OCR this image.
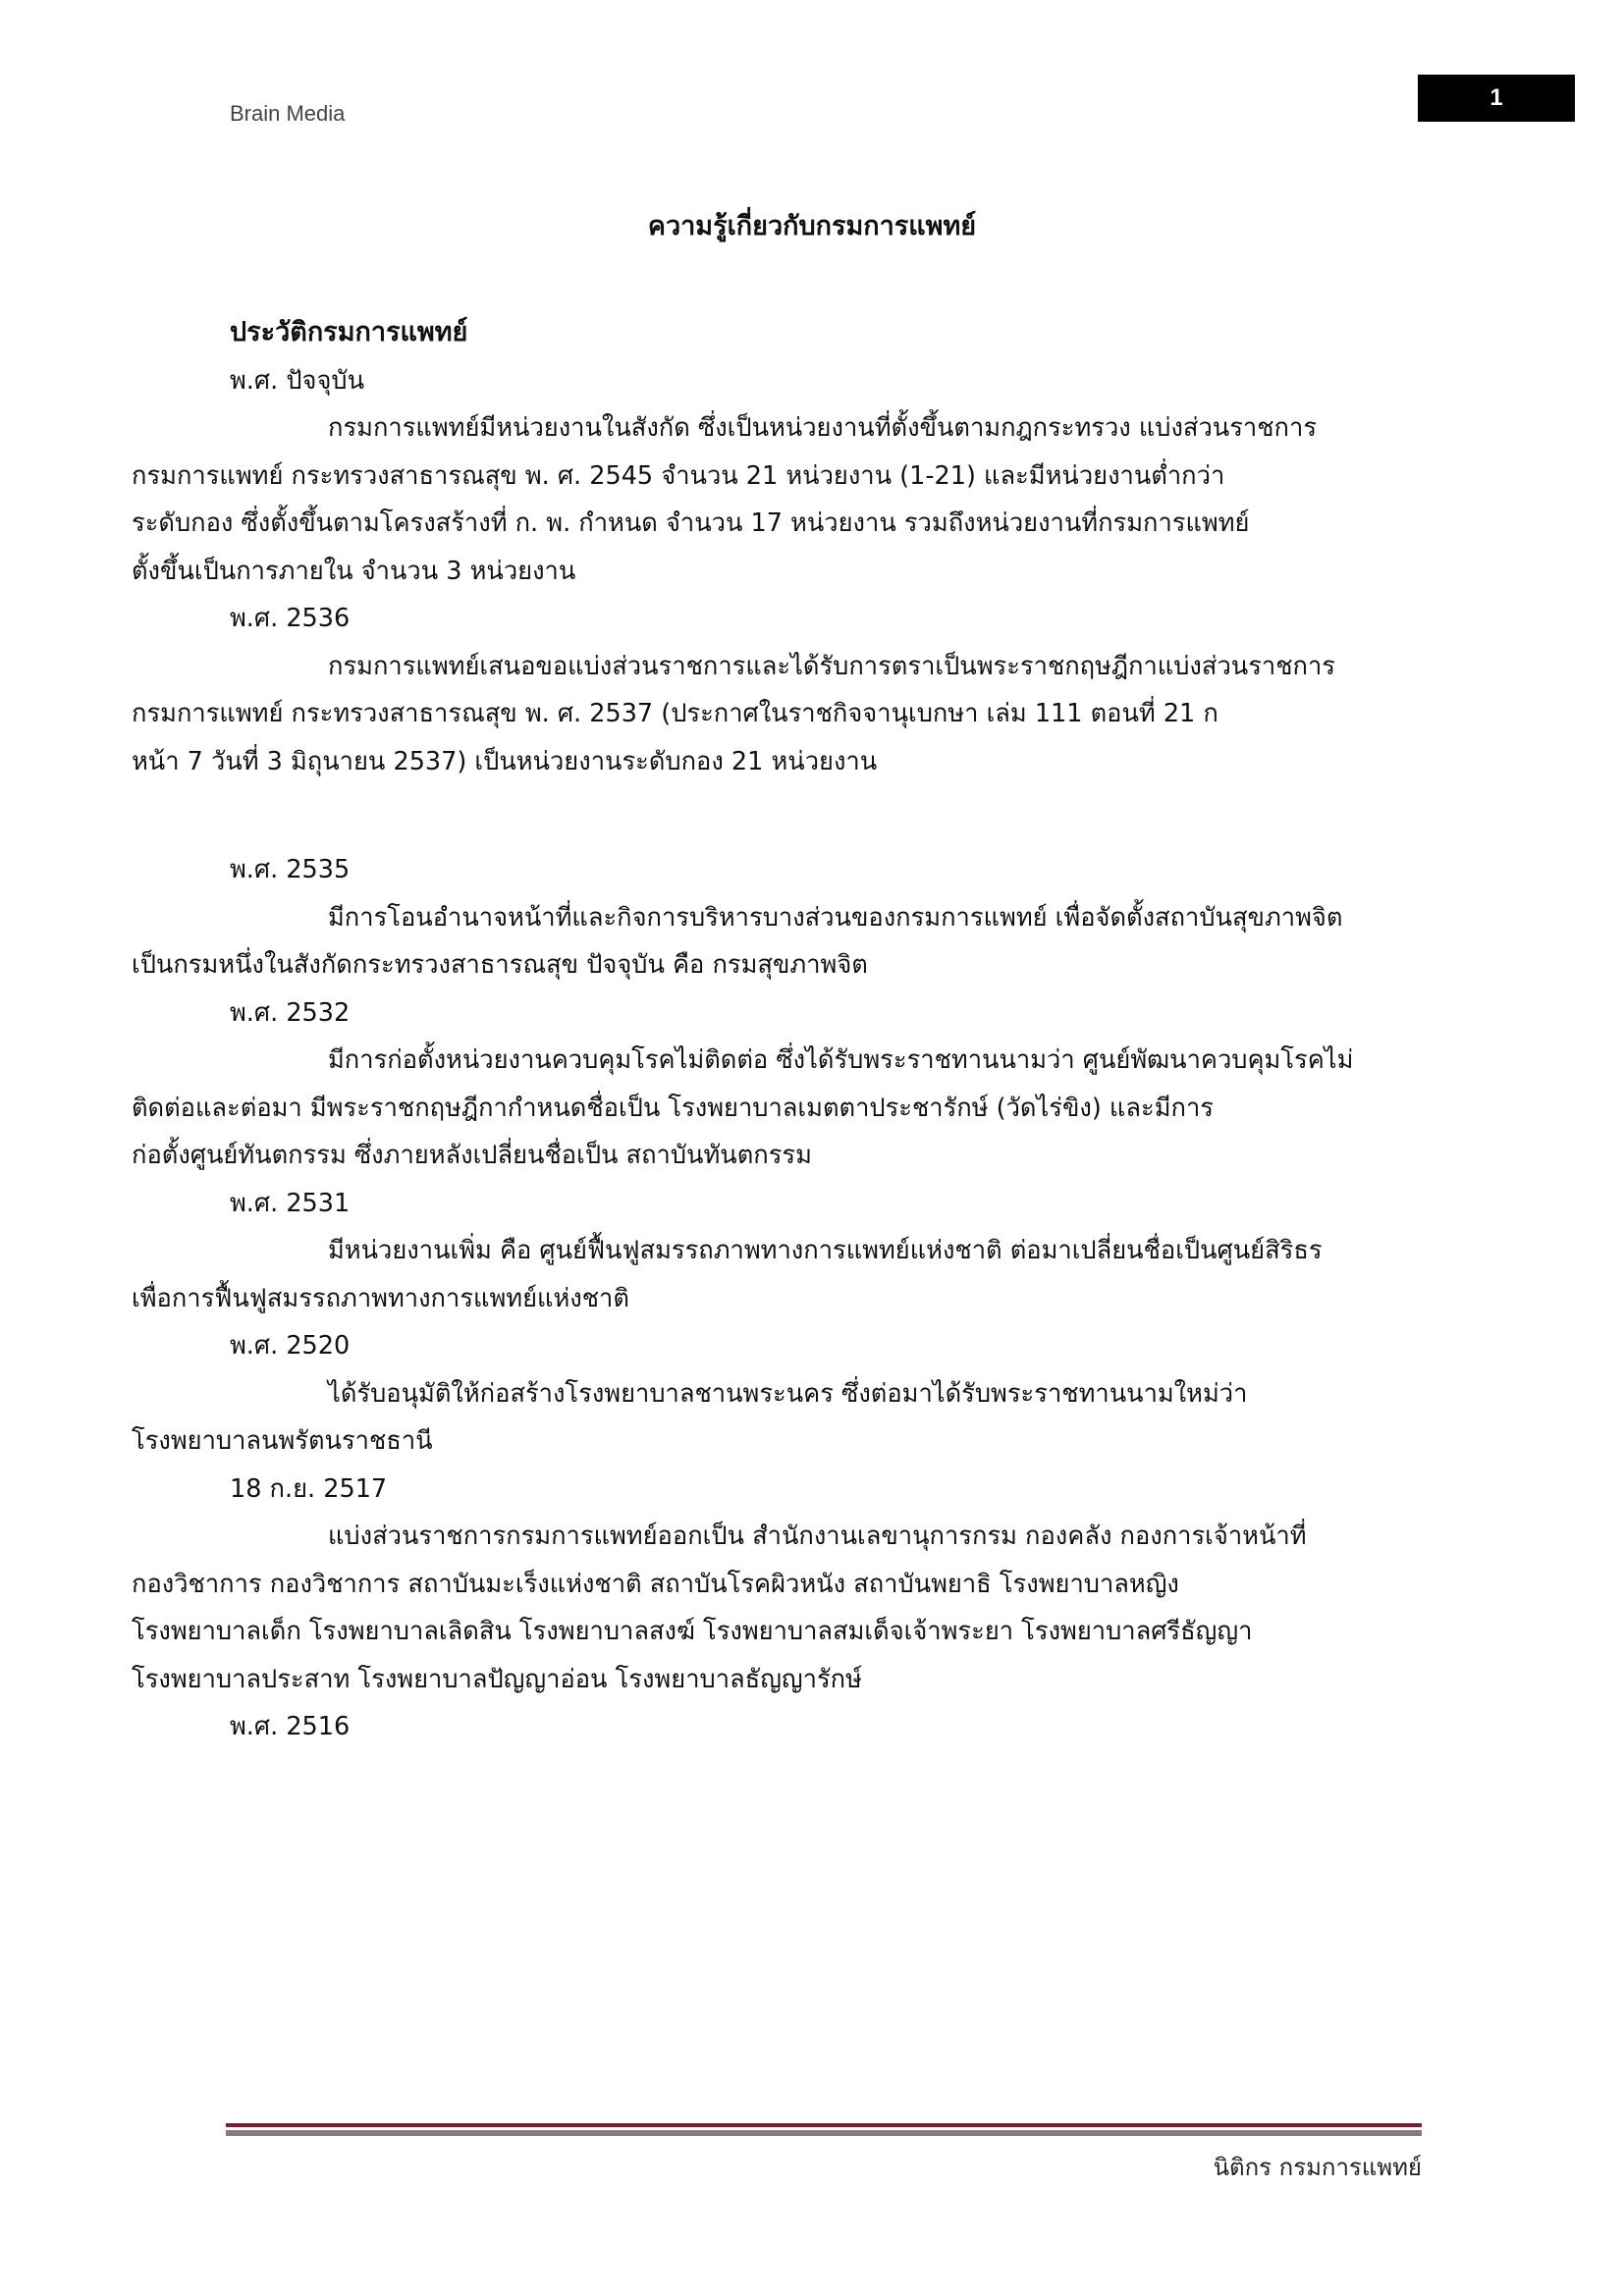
Brain Media
1
ความรู้เกี่ยวกับกรมการแพทย์
ประวัติกรมการแพทย์
พ.ศ. ปัจจุบัน
กรมการแพทย์มีหน่วยงานในสังกัด ซึ่งเป็นหน่วยงานที่ตั้งขึ้นตามกฎกระทรวง แบ่งส่วนราชการ
กรมการแพทย์ กระทรวงสาธารณสุข พ. ศ. 2545 จำนวน 21 หน่วยงาน (1-21) และมีหน่วยงานต่ำกว่า
ระดับกอง ซึ่งตั้งขึ้นตามโครงสร้างที่ ก. พ. กำหนด จำนวน 17 หน่วยงาน รวมถึงหน่วยงานที่กรมการแพทย์
ตั้งขึ้นเป็นการภายใน จำนวน 3 หน่วยงาน
พ.ศ. 2536
กรมการแพทย์เสนอขอแบ่งส่วนราชการและได้รับการตราเป็นพระราชกฤษฎีกาแบ่งส่วนราชการ
กรมการแพทย์ กระทรวงสาธารณสุข พ. ศ. 2537 (ประกาศในราชกิจจานุเบกษา เล่ม 111 ตอนที่ 21 ก
หน้า 7 วันที่ 3 มิถุนายน 2537) เป็นหน่วยงานระดับกอง 21 หน่วยงาน
พ.ศ. 2535
มีการโอนอำนาจหน้าที่และกิจการบริหารบางส่วนของกรมการแพทย์ เพื่อจัดตั้งสถาบันสุขภาพจิต
เป็นกรมหนึ่งในสังกัดกระทรวงสาธารณสุข ปัจจุบัน คือ กรมสุขภาพจิต
พ.ศ. 2532
มีการก่อตั้งหน่วยงานควบคุมโรคไม่ติดต่อ ซึ่งได้รับพระราชทานนามว่า ศูนย์พัฒนาควบคุมโรคไม่
ติดต่อและต่อมา มีพระราชกฤษฎีกากำหนดชื่อเป็น โรงพยาบาลเมตตาประชารักษ์ (วัดไร่ขิง) และมีการ
ก่อตั้งศูนย์ทันตกรรม ซึ่งภายหลังเปลี่ยนชื่อเป็น สถาบันทันตกรรม
พ.ศ. 2531
มีหน่วยงานเพิ่ม คือ ศูนย์ฟื้นฟูสมรรถภาพทางการแพทย์แห่งชาติ ต่อมาเปลี่ยนชื่อเป็นศูนย์สิริธร
เพื่อการฟื้นฟูสมรรถภาพทางการแพทย์แห่งชาติ
พ.ศ. 2520
ได้รับอนุมัติให้ก่อสร้างโรงพยาบาลชานพระนคร ซึ่งต่อมาได้รับพระราชทานนามใหม่ว่า
โรงพยาบาลนพรัตนราชธานี
18 ก.ย. 2517
แบ่งส่วนราชการกรมการแพทย์ออกเป็น สำนักงานเลขานุการกรม กองคลัง กองการเจ้าหน้าที่
กองวิชาการ กองวิชาการ สถาบันมะเร็งแห่งชาติ สถาบันโรคผิวหนัง สถาบันพยาธิ โรงพยาบาลหญิง
โรงพยาบาลเด็ก โรงพยาบาลเลิดสิน โรงพยาบาลสงฆ์ โรงพยาบาลสมเด็จเจ้าพระยา โรงพยาบาลศรีธัญญา
โรงพยาบาลประสาท โรงพยาบาลปัญญาอ่อน โรงพยาบาลธัญญารักษ์
พ.ศ. 2516
นิติกร กรมการแพทย์
